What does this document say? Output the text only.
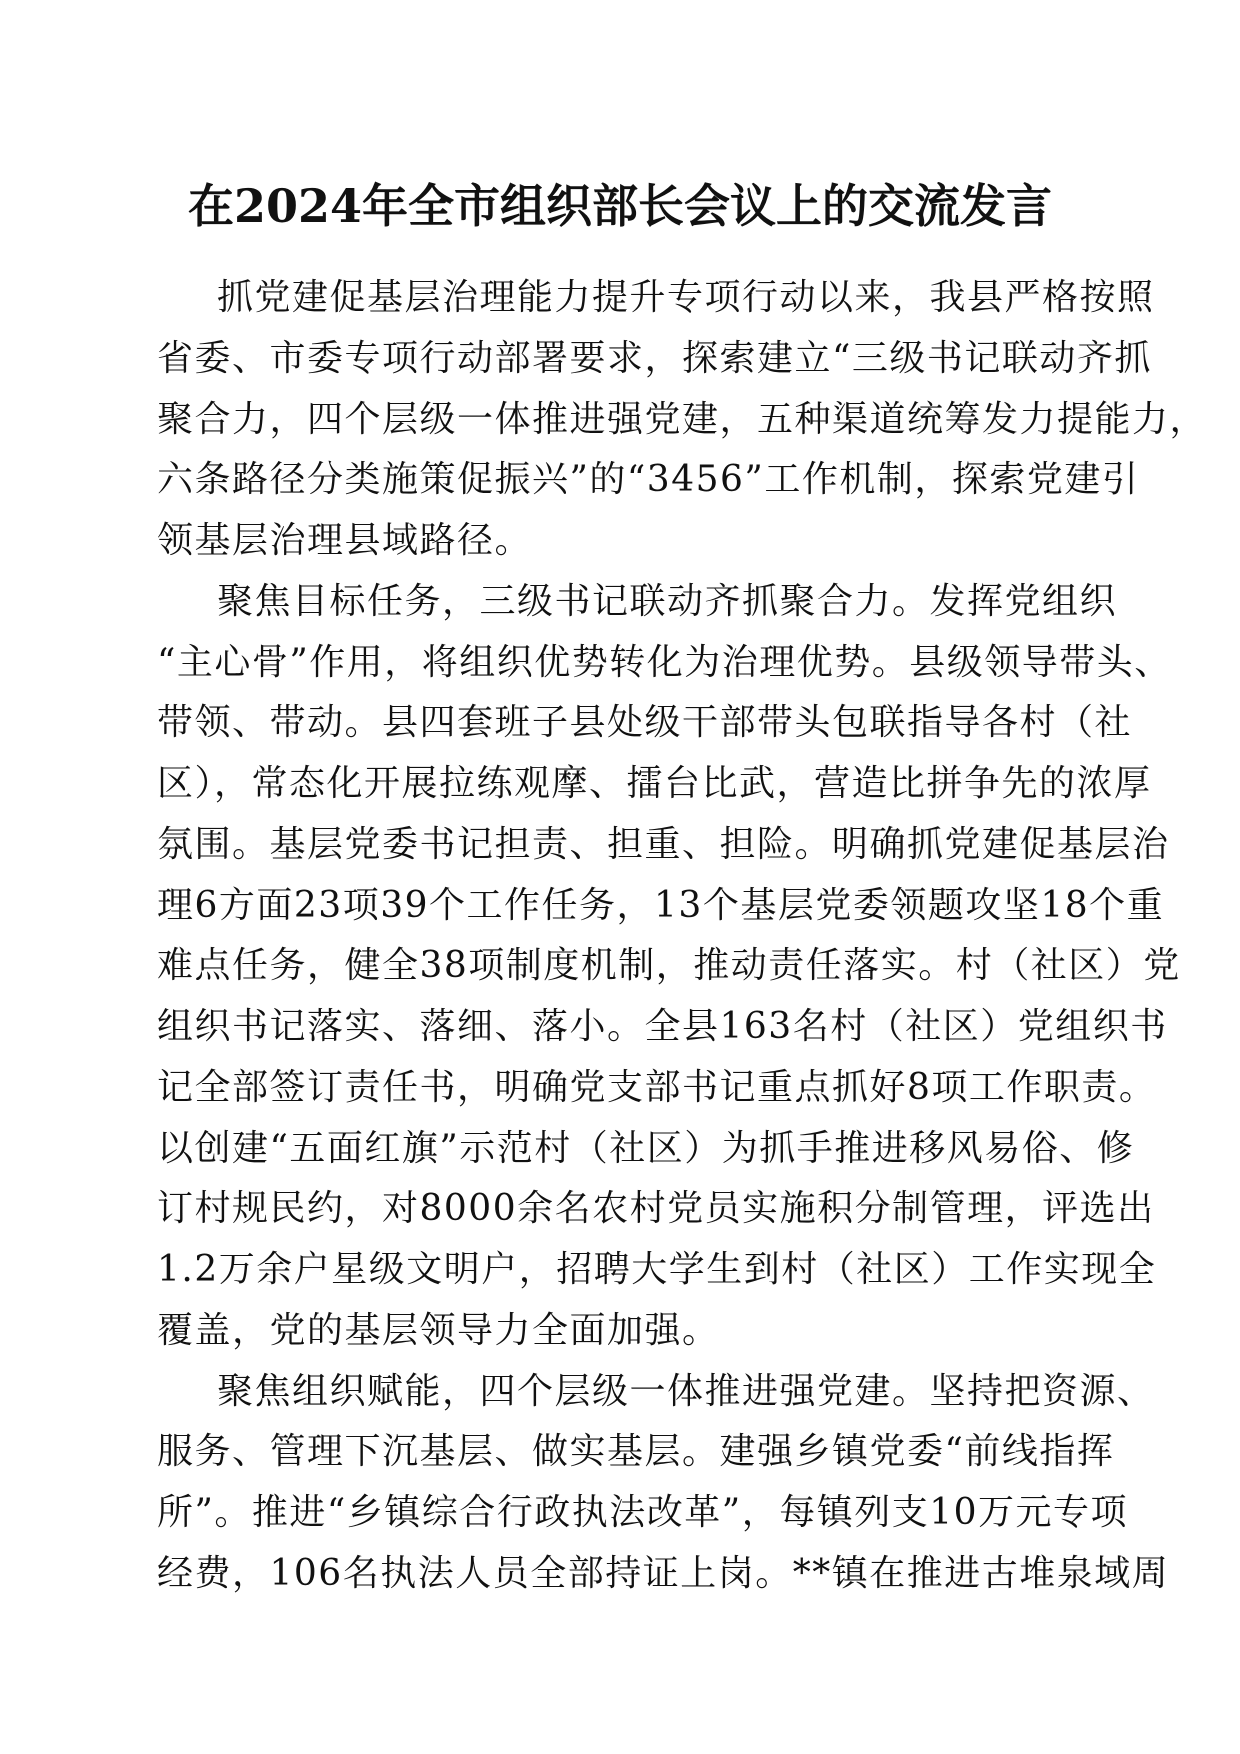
在2024年全市组织部长会议上的交流发言

抓党建促基层治理能力提升专项行动以来，我县严格按照
省委、市委专项行动部署要求，探索建立“三级书记联动齐抓
聚合力，四个层级一体推进强党建，五种渠道统筹发力提能力，
六条路径分类施策促振兴”的“3456”工作机制，探索党建引
领基层治理县域路径。

聚焦目标任务，三级书记联动齐抓聚合力。发挥党组织
“主心骨”作用，将组织优势转化为治理优势。县级领导带头、
带领、带动。县四套班子县处级干部带头包联指导各村（社
区），常态化开展拉练观摩、擂台比武，营造比拼争先的浓厚
氛围。基层党委书记担责、担重、担险。明确抓党建促基层治
理6方面23项39个工作任务，13个基层党委领题攻坚18个重
难点任务，健全38项制度机制，推动责任落实。村（社区）党
组织书记落实、落细、落小。全县163名村（社区）党组织书
记全部签订责任书，明确党支部书记重点抓好8项工作职责。
以创建“五面红旗”示范村（社区）为抓手推进移风易俗、修
订村规民约，对8000余名农村党员实施积分制管理，评选出
1.2万余户星级文明户，招聘大学生到村（社区）工作实现全
覆盖，党的基层领导力全面加强。

聚焦组织赋能，四个层级一体推进强党建。坚持把资源、
服务、管理下沉基层、做实基层。建强乡镇党委“前线指挥
所”。推进“乡镇综合行政执法改革”，每镇列支10万元专项
经费，106名执法人员全部持证上岗。**镇在推进古堆泉域周
